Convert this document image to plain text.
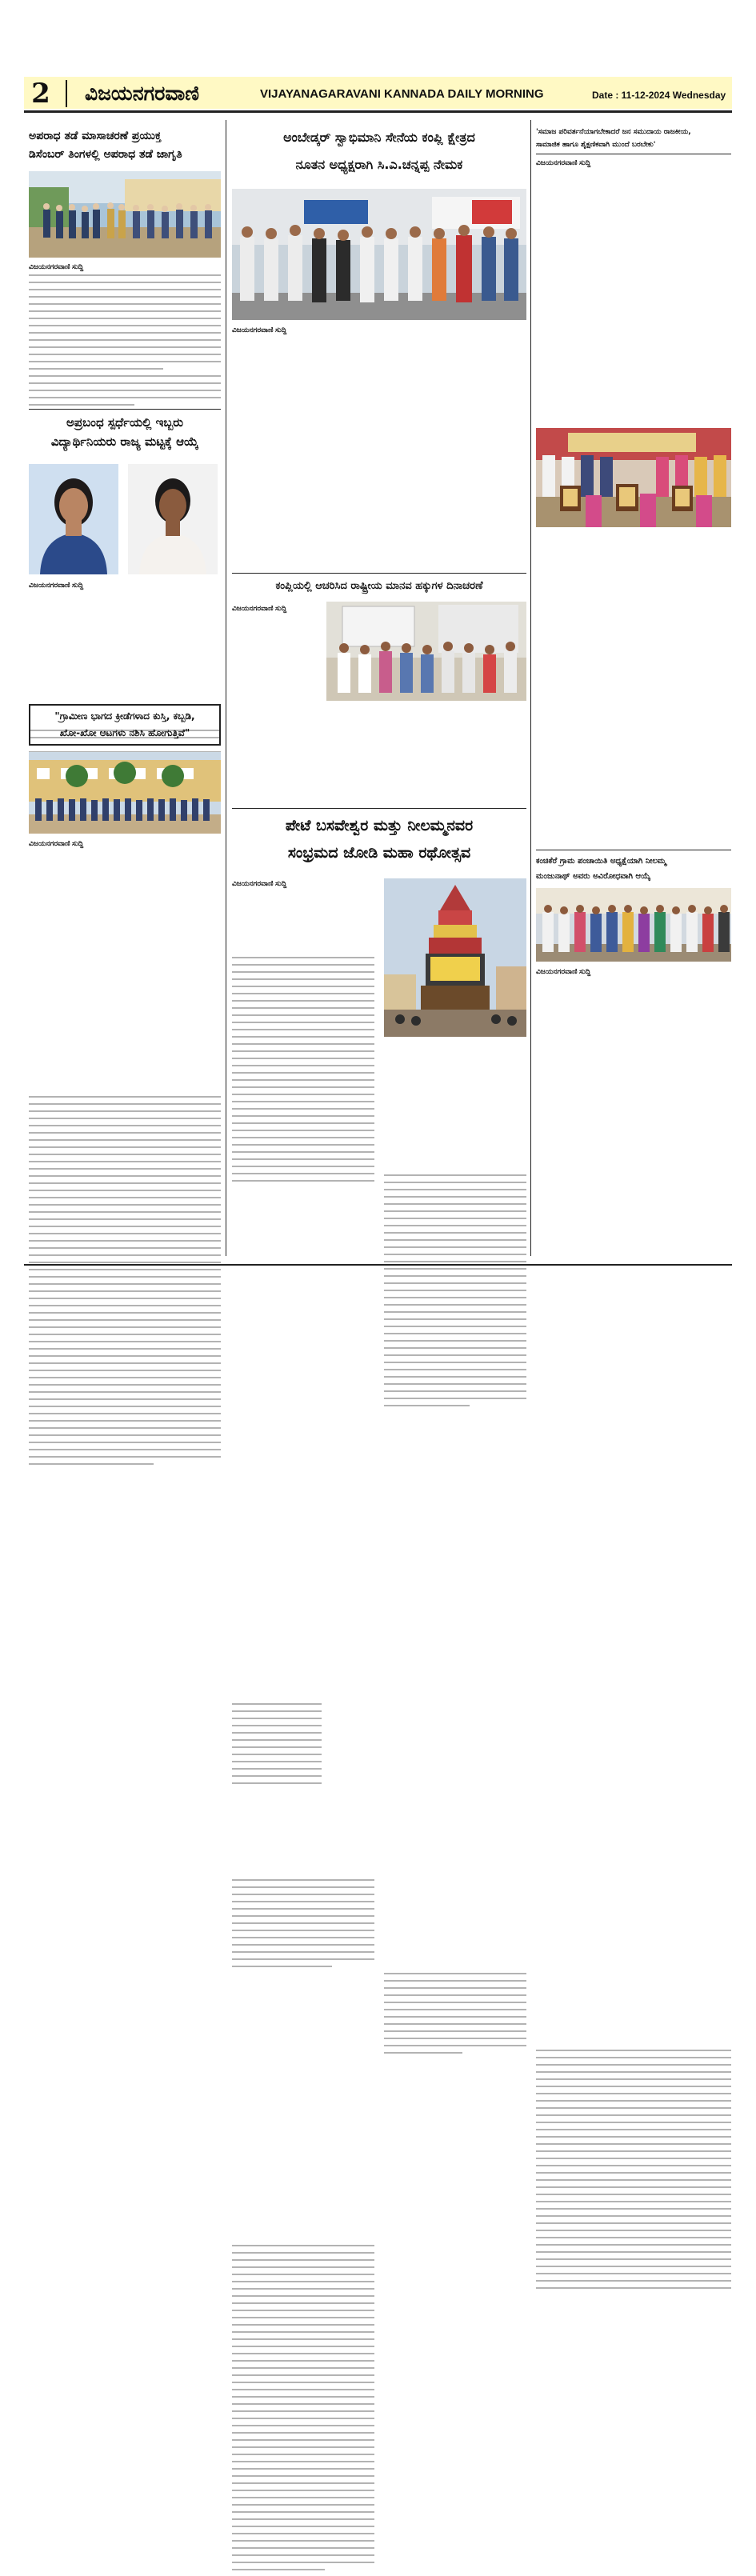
2 ವಿಜಯನಗರವಾಣಿ	VIJAYANAGARAVANI KANNADA DAILY MORNING	Date : 11-12-2024 Wednesday
ಅಪರಾಧ ತಡೆ ಮಾಸಾಚರಣೆ ಪ್ರಯುಕ್ತ
ಡಿಸೆಂಬರ್ ತಿಂಗಳಲ್ಲಿ ಅಪರಾಧ ತಡೆ ಜಾಗೃತಿ
ವಿಜಯನಗರವಾಣಿ ಸುದ್ದಿ
ಅಪ್ರಬಂಧ ಸ್ಪರ್ಧೆಯಲ್ಲಿ ಇಬ್ಬರು
ವಿದ್ಯಾರ್ಥಿನಿಯರು ರಾಜ್ಯ ಮಟ್ಟಕ್ಕೆ ಆಯ್ಕೆ
ವಿಜಯನಗರವಾಣಿ ಸುದ್ದಿ
"ಗ್ರಾಮೀಣ ಭಾಗದ ಕ್ರೀಡೆಗಳಾದ ಕುಸ್ತಿ, ಕಬ್ಬಡಿ,
ಖೋ-ಖೋ ಆಟಗಳು ನಶಿಸಿ ಹೋಗುತ್ತಿವೆ"
ವಿಜಯನಗರವಾಣಿ ಸುದ್ದಿ
ಅಂಬೇಡ್ಕರ್ ಸ್ವಾಭಿಮಾನಿ ಸೇನೆಯ ಕಂಪ್ಲಿ ಕ್ಷೇತ್ರದ
ನೂತನ ಅಧ್ಯಕ್ಷರಾಗಿ ಸಿ.ಎ.ಚನ್ನಪ್ಪ ನೇಮಕ
ವಿಜಯನಗರವಾಣಿ ಸುದ್ದಿ
ಕಂಪ್ಲಿಯಲ್ಲಿ ಆಚರಿಸಿದ ರಾಷ್ಟ್ರೀಯ ಮಾನವ ಹಕ್ಕುಗಳ ದಿನಾಚರಣೆ
ವಿಜಯನಗರವಾಣಿ ಸುದ್ದಿ
ಪೇಟೆ ಬಸವೇಶ್ವರ ಮತ್ತು ನೀಲಮ್ಮನವರ
ಸಂಭ್ರಮದ ಜೋಡಿ ಮಹಾ ರಥೋತ್ಸವ
ವಿಜಯನಗರವಾಣಿ ಸುದ್ದಿ
'ಸಮಾಜ ಪರಿವರ್ತನೆಯಾಗಬೇಕಾದರೆ ಜನ ಸಮುದಾಯ ರಾಜಕೀಯ,
ಸಾಮಾಜಿಕ ಹಾಗೂ ಶೈಕ್ಷಣಿಕವಾಗಿ ಮುಂದೆ ಬರಬೇಕು'
ವಿಜಯನಗರವಾಣಿ ಸುದ್ದಿ
ಕಂಚಿಕೆರೆ ಗ್ರಾಮ ಪಂಚಾಯಿತಿ ಅಧ್ಯಕ್ಷೆಯಾಗಿ ನೀಲಮ್ಮ
ಮಂಜುನಾಥ್ ಅವರು ಅವಿರೋಧವಾಗಿ ಆಯ್ಕೆ
ವಿಜಯನಗರವಾಣಿ ಸುದ್ದಿ
